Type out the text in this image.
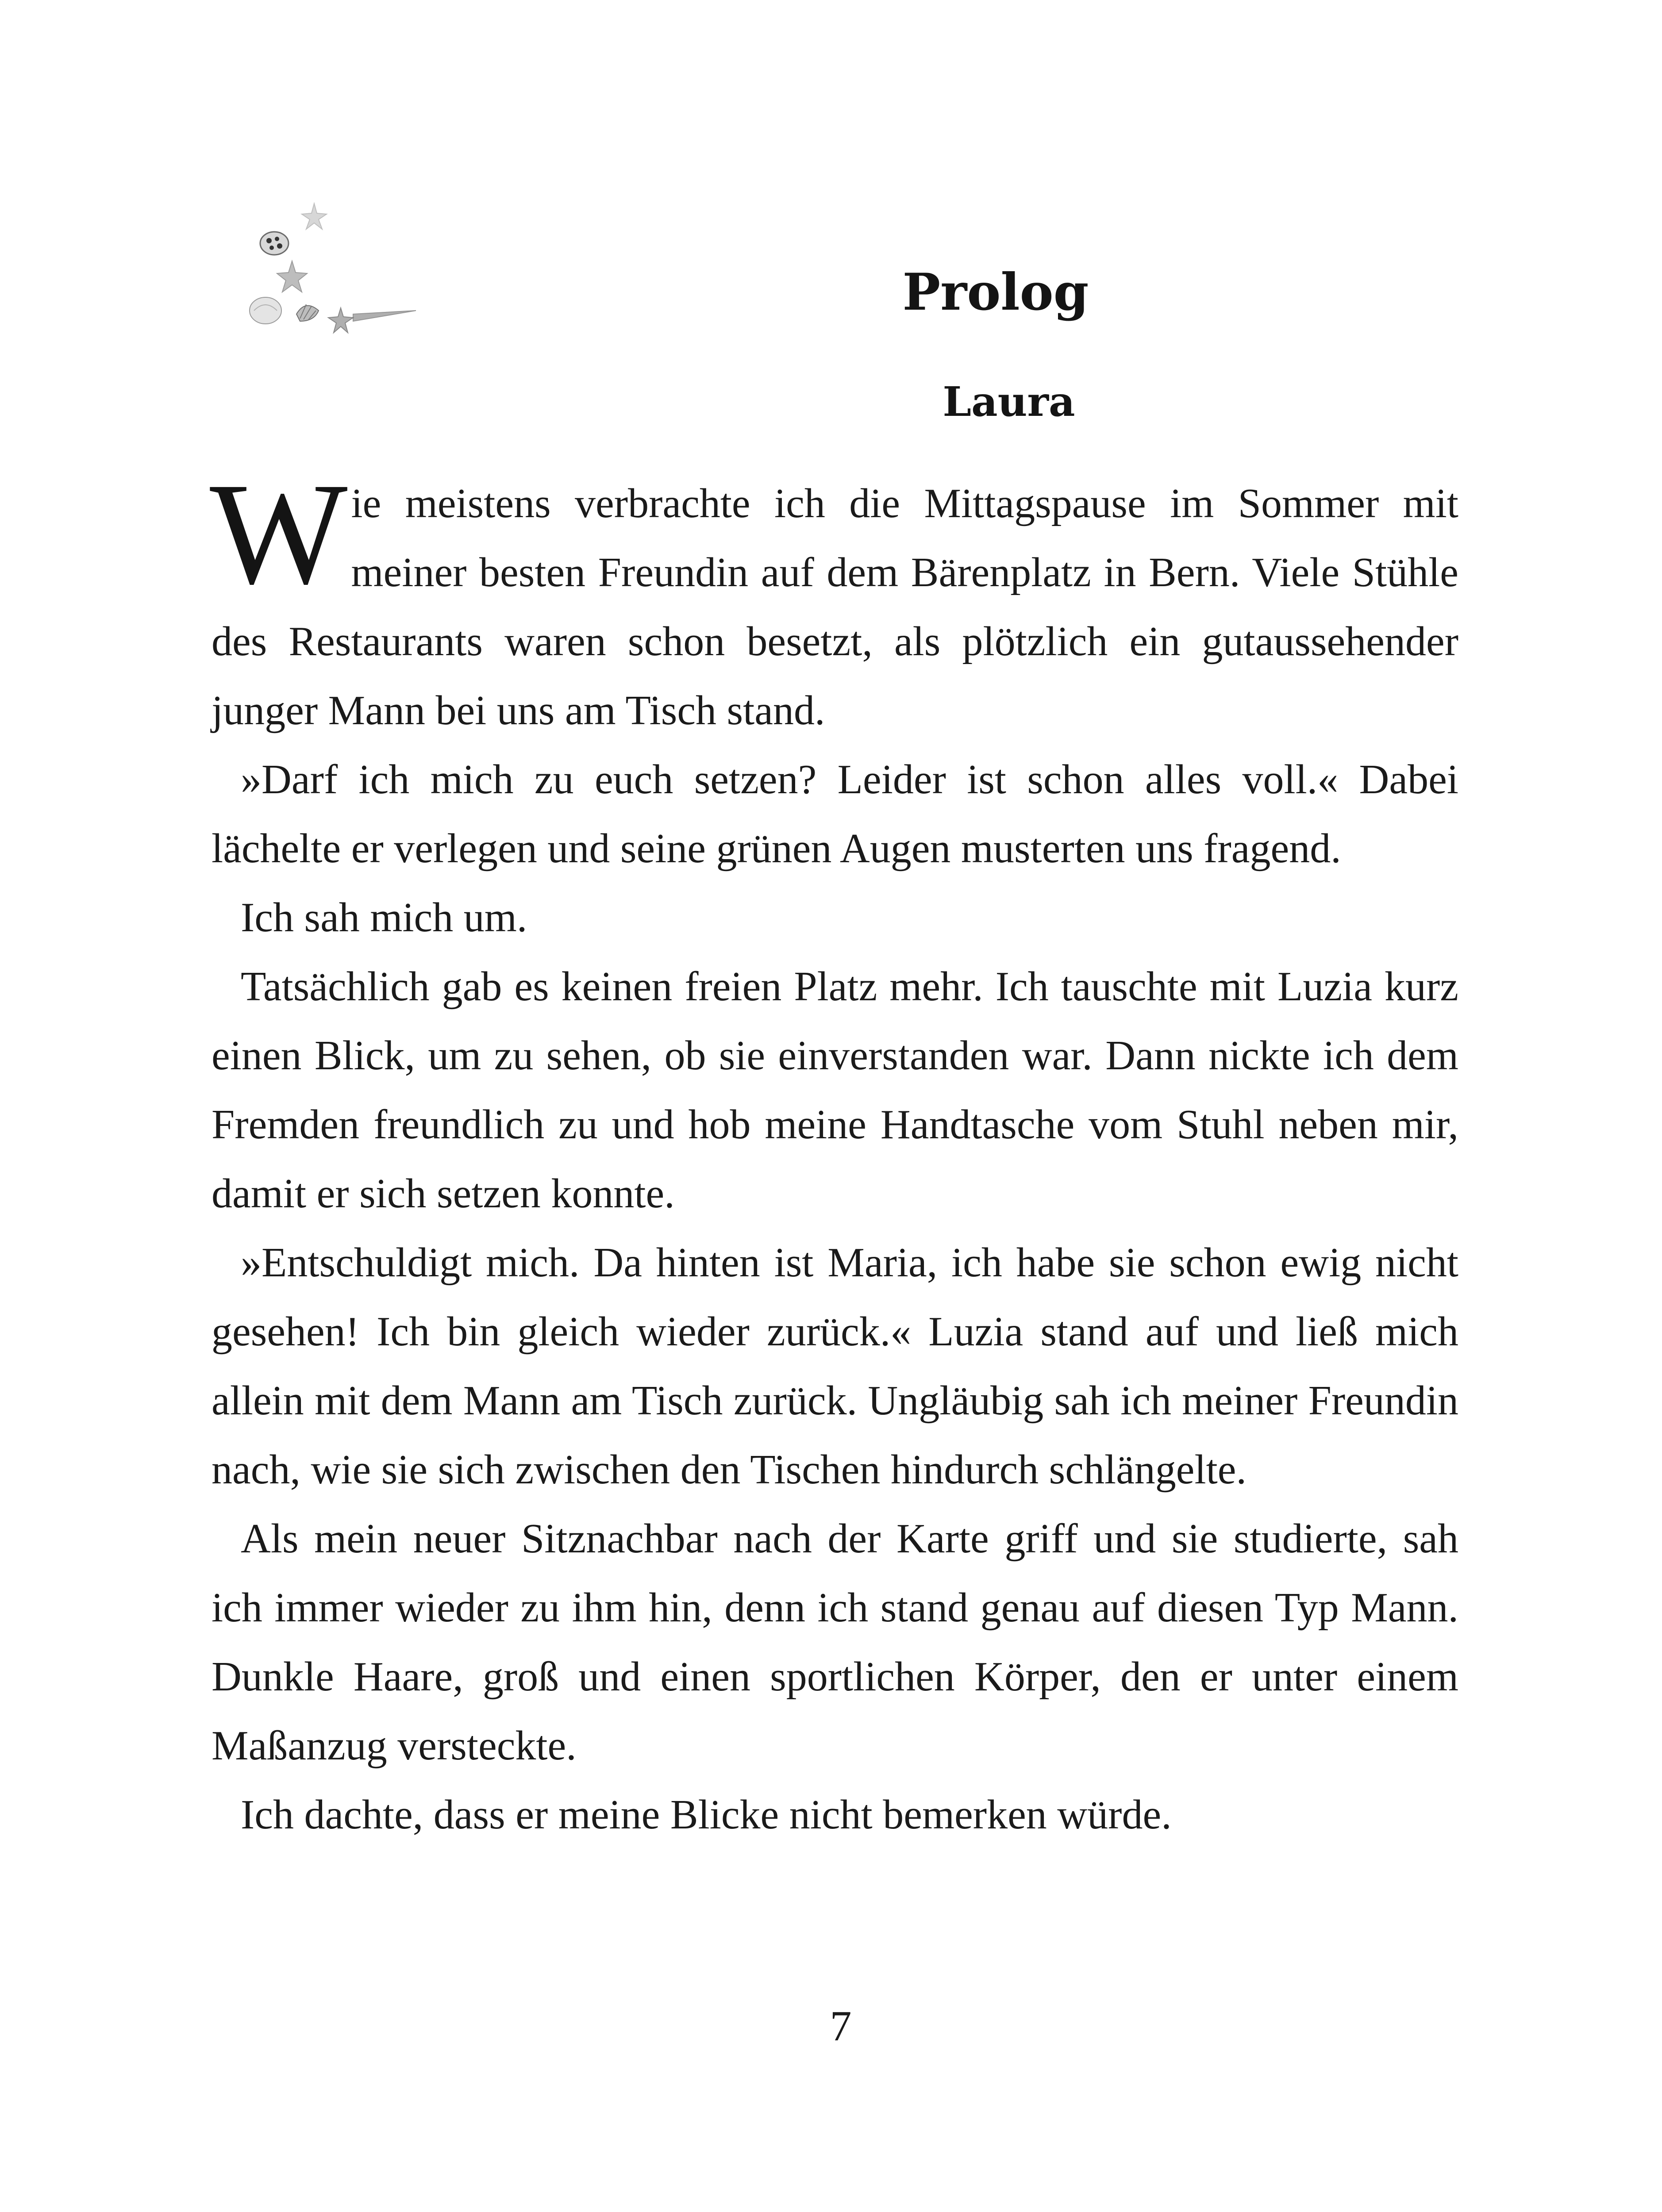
Prolog
Laura

Wie meistens verbrachte ich die Mittagspause im Sommer mit meiner besten Freundin auf dem Bärenplatz in Bern. Viele Stühle des Restaurants waren schon besetzt, als plötzlich ein gutaussehender junger Mann bei uns am Tisch stand.

»Darf ich mich zu euch setzen? Leider ist schon alles voll.« Dabei lächelte er verlegen und seine grünen Augen musterten uns fragend.

Ich sah mich um.

Tatsächlich gab es keinen freien Platz mehr. Ich tauschte mit Luzia kurz einen Blick, um zu sehen, ob sie einverstanden war. Dann nickte ich dem Fremden freundlich zu und hob meine Handtasche vom Stuhl neben mir, damit er sich setzen konnte.

»Entschuldigt mich. Da hinten ist Maria, ich habe sie schon ewig nicht gesehen! Ich bin gleich wieder zurück.« Luzia stand auf und ließ mich allein mit dem Mann am Tisch zurück. Ungläubig sah ich meiner Freundin nach, wie sie sich zwischen den Tischen hindurch schlängelte.

Als mein neuer Sitznachbar nach der Karte griff und sie studierte, sah ich immer wieder zu ihm hin, denn ich stand genau auf diesen Typ Mann. Dunkle Haare, groß und einen sportlichen Körper, den er unter einem Maßanzug versteckte.

Ich dachte, dass er meine Blicke nicht bemerken würde.

7
